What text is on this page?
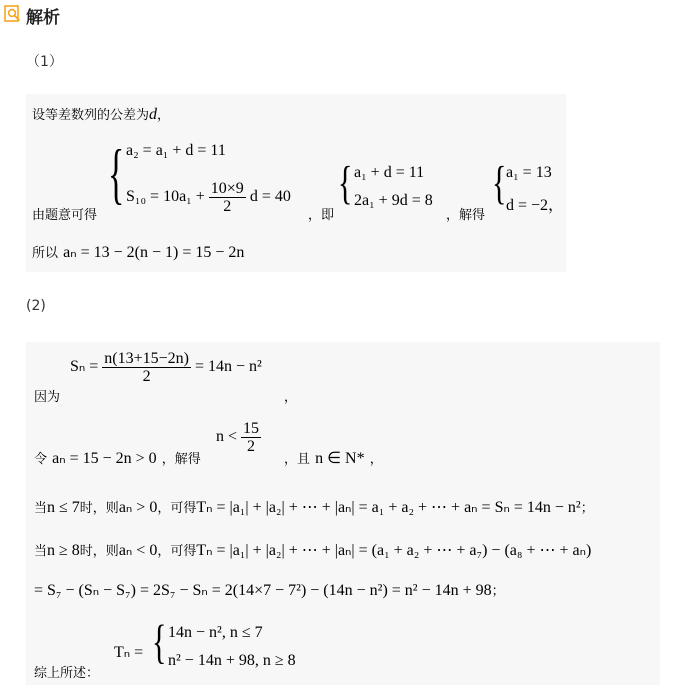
解析
（1）
设等差数列的公差为d，
由题意可得
{ a₂ = a₁ + d = 11
$S_{10} = 10a_1 + \frac{10\times 9}{2}$ d = 40
，即
{ a₁ + d = 11
2a₁ + 9d = 8
，解得
{ a₁ = 13
d = −2，
所以 aₙ = 13 − 2(n − 1) = 15 − 2n
(2)
因为
$S_n = \frac{n(13+15-2n)}{2} = 14n - n^2$
，
令 aₙ = 15 − 2n > 0 ，解得
$n < \frac{15}{2}$
，且 n ∈ N* ，
当n ≤ 7时，则aₙ > 0，可得Tₙ = |a₁| + |a₂| + ⋯ + |aₙ| = a₁ + a₂ + ⋯ + aₙ = Sₙ = 14n − n²；
当n ≥ 8时，则aₙ < 0，可得Tₙ = |a₁| + |a₂| + ⋯ + |aₙ| = (a₁ + a₂ + ⋯ + a₇) − (a₈ + ⋯ + aₙ)
= S₇ − (Sₙ − S₇) = 2S₇ − Sₙ = 2(14×7 − 7²) − (14n − n²) = n² − 14n + 98；
综上所述：
Tₙ = { 14n − n², n ≤ 7
n² − 14n + 98, n ≥ 8
